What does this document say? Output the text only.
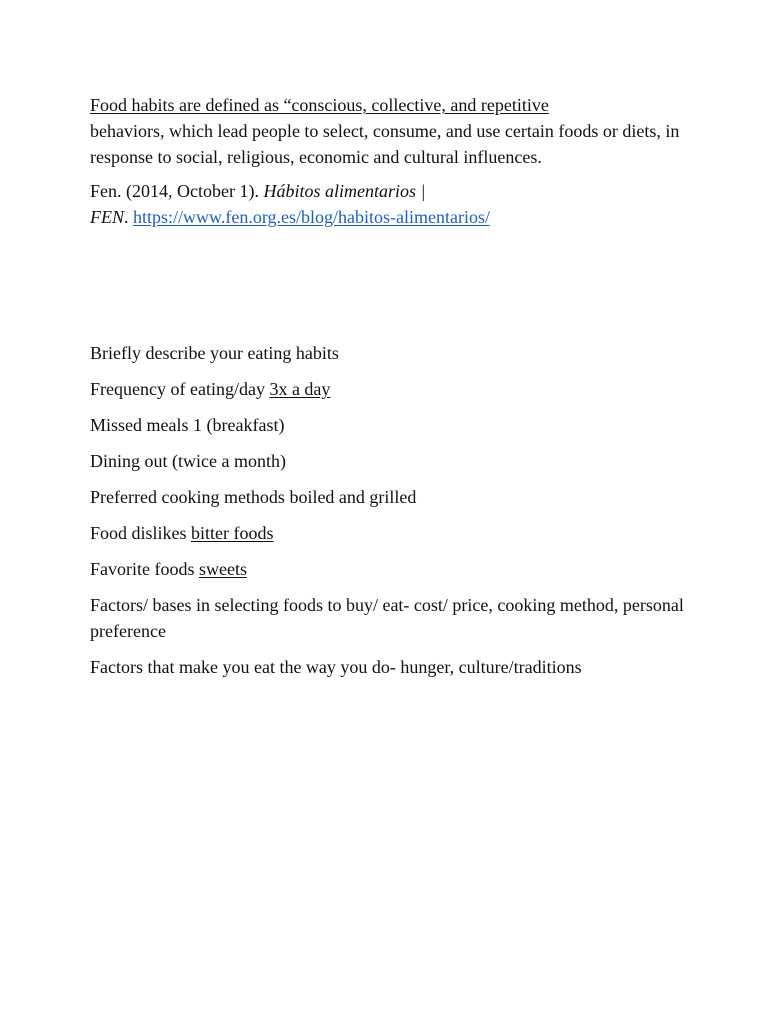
Food habits are defined as “conscious, collective, and repetitive
behaviors, which lead people to select, consume, and use certain foods or diets, in response to social, religious, economic and cultural influences.

Fen. (2014, October 1). Hábitos alimentarios |
FEN. https://www.fen.org.es/blog/habitos-alimentarios/

Briefly describe your eating habits

Frequency of eating/day 3x a day

Missed meals 1 (breakfast)

Dining out (twice a month)

Preferred cooking methods boiled and grilled

Food dislikes bitter foods

Favorite foods sweets

Factors/ bases in selecting foods to buy/ eat- cost/ price, cooking method, personal preference

Factors that make you eat the way you do- hunger, culture/traditions
